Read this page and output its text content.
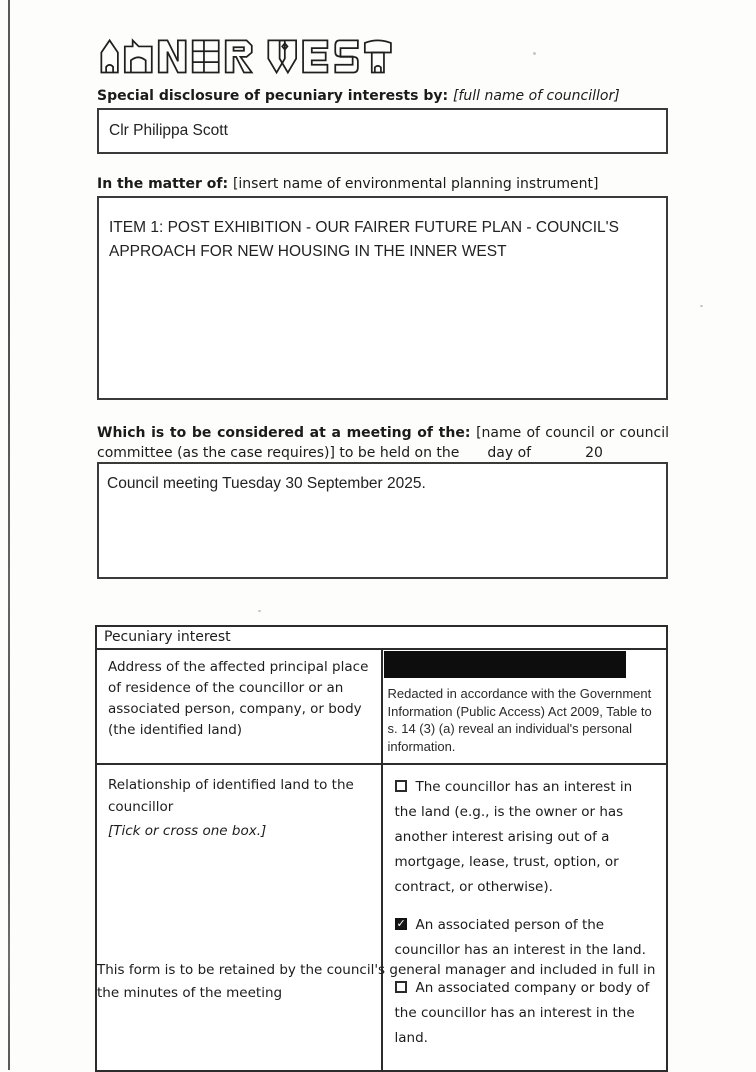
Special disclosure of pecuniary interests by: [full name of councillor]
Clr Philippa Scott
In the matter of: [insert name of environmental planning instrument]
ITEM 1: POST EXHIBITION - OUR FAIRER FUTURE PLAN - COUNCIL'S APPROACH FOR NEW HOUSING IN THE INNER WEST
Which is to be considered at a meeting of the: [name of council or council committee (as the case requires)] to be held on the day of	20
Council meeting Tuesday 30 September 2025.
Pecuniary interest	
Address of the affected principal place of residence of the councillor or an associated person, company, or body (the identified land)	Redacted in accordance with the Government Information (Public Access) Act 2009, Table to s. 14 (3) (a) reveal an individual's personal information.

Relationship of identified land to the councillor
[Tick or cross one box.]

The councillor has an interest in the land (e.g., is the owner or has another interest arising out of a mortgage, lease, trust, option, or contract, or otherwise).
✓An associated person of the councillor has an interest in the land.
An associated company or body of the councillor has an interest in the land.
This form is to be retained by the council's general manager and included in full in the minutes of the meeting
